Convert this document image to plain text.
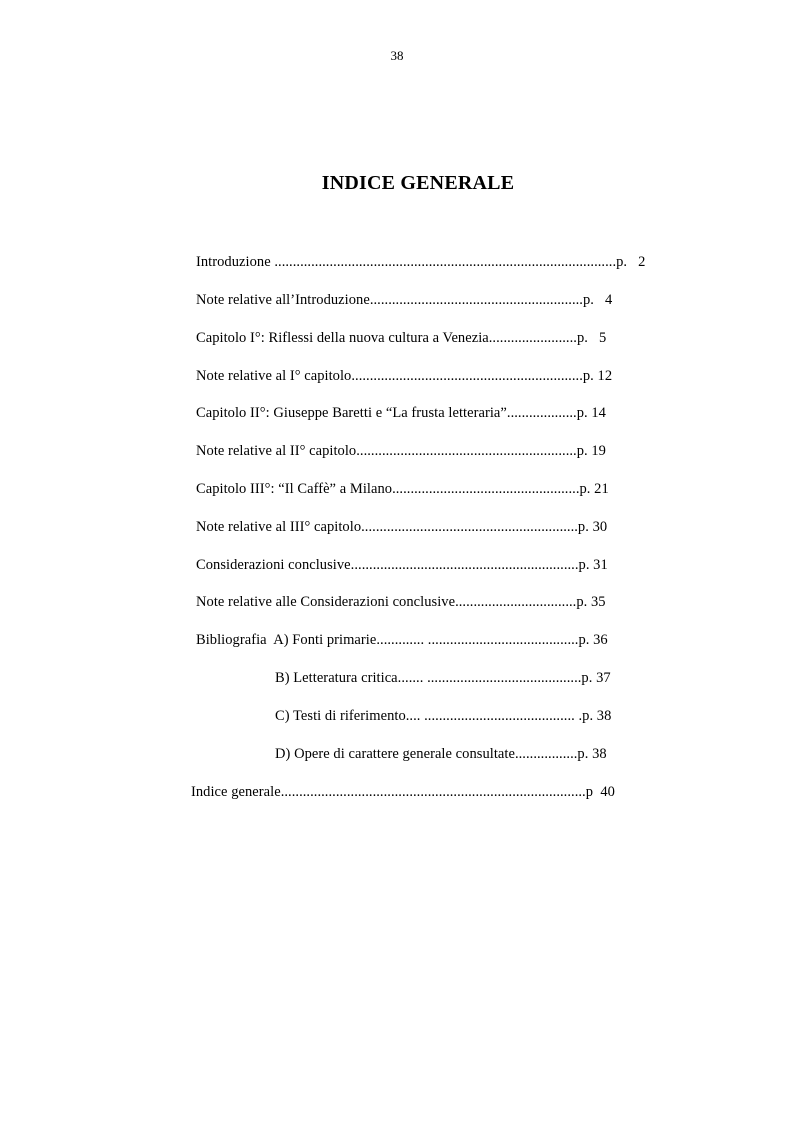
38
INDICE GENERALE
Introduzione .............................................................................................p.   2
Note relative all’Introduzione..........................................................p.   4
Capitolo I°: Riflessi della nuova cultura a Venezia........................p.   5
Note relative al I° capitolo...............................................................p. 12
Capitolo II°: Giuseppe Baretti e “La frusta letteraria”...................p. 14
Note relative al II° capitolo............................................................p. 19
Capitolo III°: “Il Caffè” a Milano...................................................p. 21
Note relative al III° capitolo...........................................................p. 30
Considerazioni conclusive..............................................................p. 31
Note relative alle Considerazioni conclusive.................................p. 35
Bibliografia  A) Fonti primarie............. .........................................p. 36
B) Letteratura critica....... ..........................................p. 37
C) Testi di riferimento.... ......................................... .p. 38
D) Opere di carattere generale consultate.................p. 38
Indice generale...................................................................................p  40
